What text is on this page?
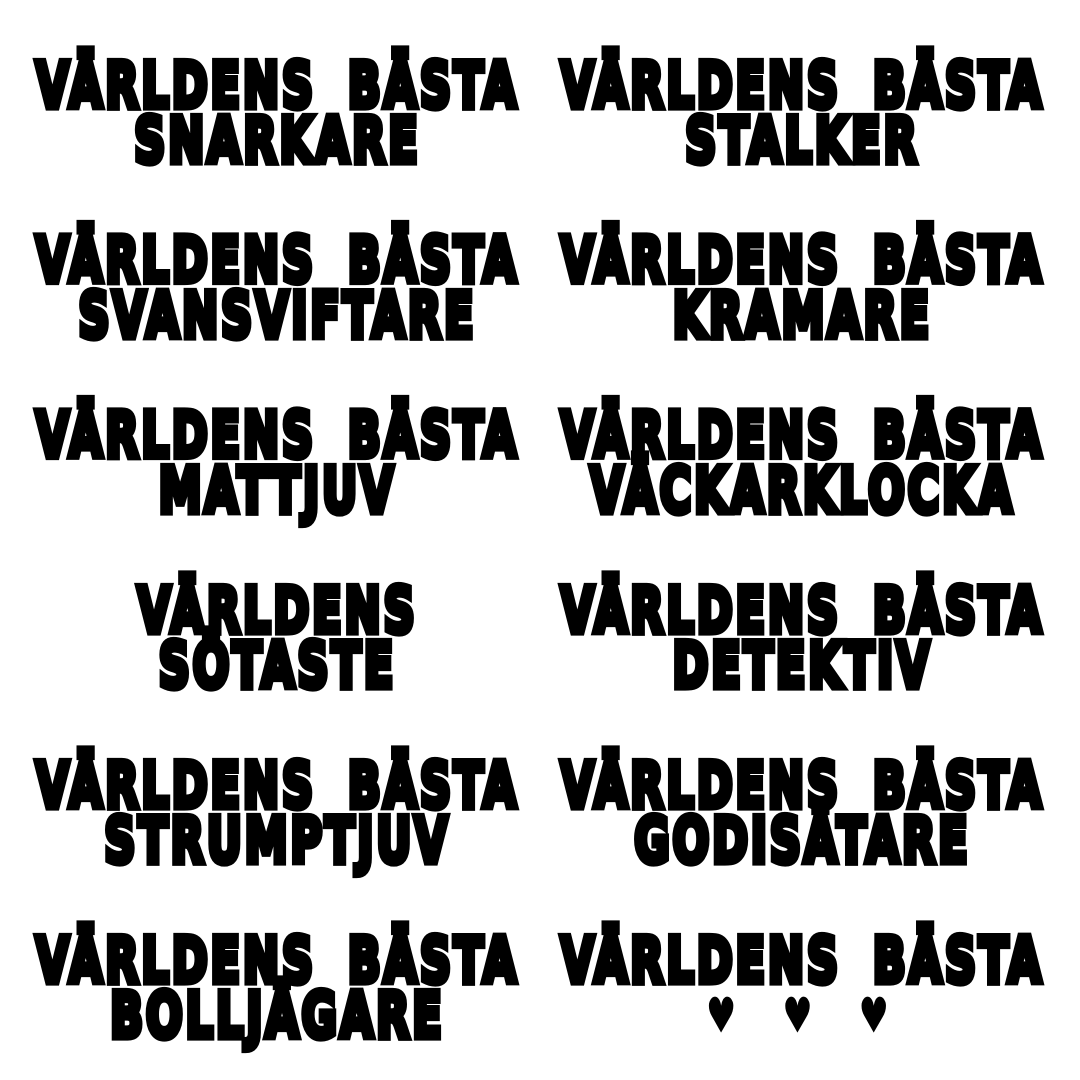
VÄRLDENS BÄSTA
SNARKARE
VÄRLDENS BÄSTA
STALKER
VÄRLDENS BÄSTA
SVANSVIFTARE
VÄRLDENS BÄSTA
KRAMARE
VÄRLDENS BÄSTA
MATTJUV
VÄRLDENS BÄSTA
VÄCKARKLOCKA
VÄRLDENS
SÖTASTE
VÄRLDENS BÄSTA
DETEKTIV
VÄRLDENS BÄSTA
STRUMPTJUV
VÄRLDENS BÄSTA
GODISÄTARE
VÄRLDENS BÄSTA
BOLLJÄGARE
VÄRLDENS BÄSTA
♥ ♥ ♥
